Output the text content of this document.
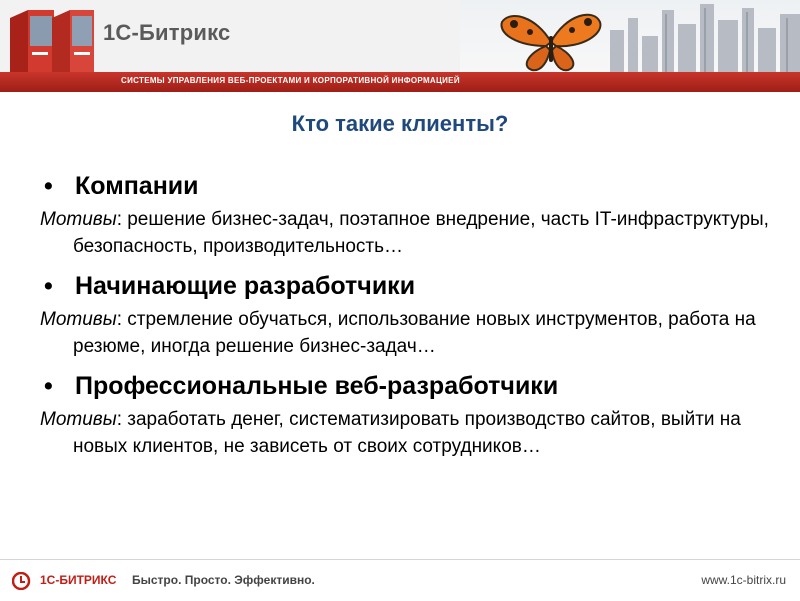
1С-Битрикс
СИСТЕМЫ УПРАВЛЕНИЯ ВЕБ-ПРОЕКТАМИ И КОРПОРАТИВНОЙ ИНФОРМАЦИЕЙ
Кто такие клиенты?
• Компании
Мотивы: решение бизнес-задач, поэтапное внедрение, часть IT-инфраструктуры, безопасность, производительность…
• Начинающие разработчики
Мотивы: стремление обучаться, использование новых инструментов, работа на резюме, иногда решение бизнес-задач…
• Профессиональные веб-разработчики
Мотивы: заработать денег, систематизировать производство сайтов, выйти на новых клиентов, не зависеть от своих сотрудников…
1С-БИТРИКС Быстро. Просто. Эффективно.	www.1c-bitrix.ru
